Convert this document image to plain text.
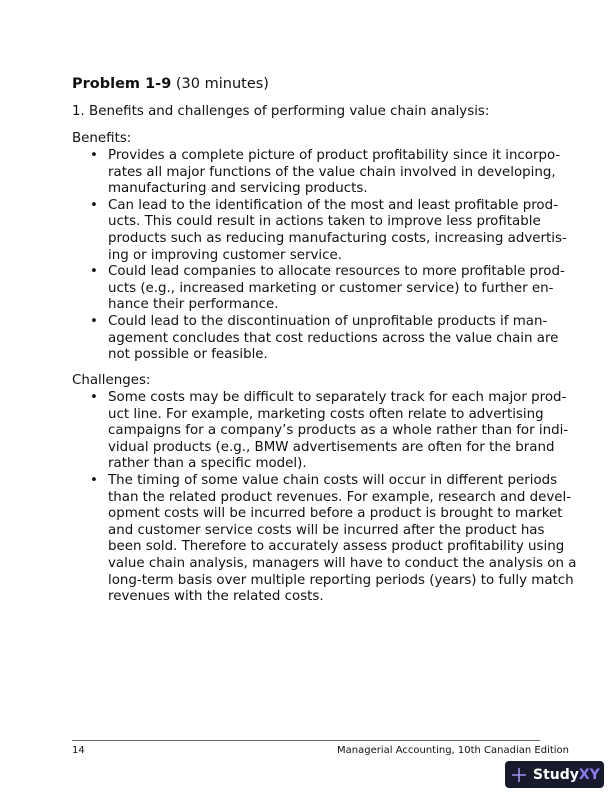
Problem 1-9 (30 minutes)
1. Benefits and challenges of performing value chain analysis:
Benefits:
• Provides a complete picture of product profitability since it incorpo-
rates all major functions of the value chain involved in developing,
manufacturing and servicing products.
• Can lead to the identification of the most and least profitable prod-
ucts. This could result in actions taken to improve less profitable
products such as reducing manufacturing costs, increasing advertis-
ing or improving customer service.
• Could lead companies to allocate resources to more profitable prod-
ucts (e.g., increased marketing or customer service) to further en-
hance their performance.
• Could lead to the discontinuation of unprofitable products if man-
agement concludes that cost reductions across the value chain are
not possible or feasible.
Challenges:
• Some costs may be difficult to separately track for each major prod-
uct line. For example, marketing costs often relate to advertising
campaigns for a company’s products as a whole rather than for indi-
vidual products (e.g., BMW advertisements are often for the brand
rather than a specific model).
• The timing of some value chain costs will occur in different periods
than the related product revenues. For example, research and devel-
opment costs will be incurred before a product is brought to market
and customer service costs will be incurred after the product has
been sold. Therefore to accurately assess product profitability using
value chain analysis, managers will have to conduct the analysis on a
long-term basis over multiple reporting periods (years) to fully match
revenues with the related costs.
14	Managerial Accounting, 10th Canadian Edition
StudyXY
